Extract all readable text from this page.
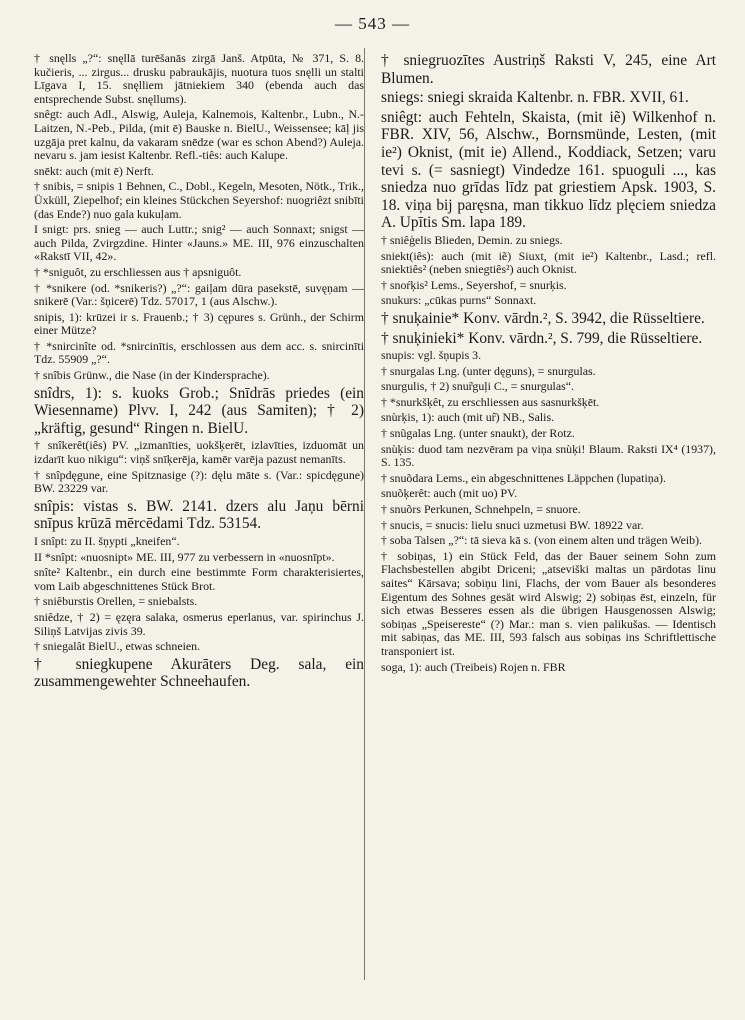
— 543 —

† snęlls „?“: snęllā turēšanās zirgā Janš. Atpūta, № 371, S. 8. kučieris, ... zirgus... drusku pabraukājis, nuotura tuos snęlli un stalti Līgava I, 15. snęlliem jātniekiem 340 (ebenda auch das entsprechende Subst. snęllums).

snêgt: auch Adl., Alswig, Auleja, Kalnemois, Kaltenbr., Lubn., N.-Laitzen, N.-Peb., Pilda, (mit ē) Bauske n. BielU., Weissensee; kāļ jis uzgāja pret kalnu, da vakaram snēdze (war es schon Abend?) Auleja. nevaru s. jam iesist Kaltenbr. Refl.-tiês: auch Kalupe.

snēkt: auch (mit ē) Nerft.

† snibis, = snipis 1 Behnen, C., Dobl., Kegeln, Mesoten, Nötk., Trik., Üxküll, Ziepelhof; ein kleines Stückchen Seyershof: nuogriêzt snibīti (das Ende?) nuo gala kukuļam.

I snigt: prs. snieg — auch Luttr.; snig² — auch Sonnaxt; snigst — auch Pilda, Zvirgzdine. Hinter «Jauns.» ME. III, 976 einzuschalten «Rakstī VII, 42».

† *sniguôt, zu erschliessen aus † apsniguôt.

† *snikere (od. *snikeris?) „?“: gaiļam dūra pasekstē, suvęņam — snikerē (Var.: šņicerē) Tdz. 57017, 1 (aus Alschw.).

snipis, 1): krūzei ir s. Frauenb.; † 3) cępures s. Grünh., der Schirm einer Mütze?

† *snircinîte od. *snircinītis, erschlossen aus dem acc. s. snircinīti Tdz. 55909 „?“.

† snîbis Grünw., die Nase (in der Kindersprache).

snîdrs, 1): s. kuoks Grob.; Snīdrās priedes (ein Wiesenname) Plvv. I, 242 (aus Samiten); † 2) „kräftig, gesund“ Ringen n. BielU.

† snîkerêt(iês) PV. „izmanīties, uokšķerēt, izlavīties, izduomāt un izdarīt kuo nikigu“: viņš snīķerēja, kamēr varēja pazust nemanīts.

† snîpdęgune, eine Spitznasige (?): dęlu māte s. (Var.: spicdęgune) BW. 23229 var.

snîpis: vistas s. BW. 2141. dzers alu Jaņu bērni snīpus krūzā mērcēdami Tdz. 53154.

I snîpt: zu II. šņypti „kneifen“.

II *snîpt: «nuosnipt» ME. III, 977 zu verbessern in «nuosnīpt».

snîte² Kaltenbr., ein durch eine bestimmte Form charakterisiertes, vom Laib abgeschnittenes Stück Brot.

† sniêburstis Orellen, = sniebalsts.

sniêdze, † 2) = ęzęra salaka, osmerus eperlanus, var. spirinchus J. Siliņš Latvijas zivis 39.

† sniegalât BielU., etwas schneien.

† sniegkupene Akurāters Deg. sala, ein zusammengewehter Schneehaufen.

† sniegruozītes Austriņš Raksti V, 245, eine Art Blumen.

sniegs: sniegi skraida Kaltenbr. n. FBR. XVII, 61.

sniêgt: auch Fehteln, Skaista, (mit iẽ) Wilkenhof n. FBR. XIV, 56, Alschw., Bornsmünde, Lesten, (mit ie²) Oknist, (mit ie) Allend., Koddiack, Setzen; varu tevi s. (= sasniegt) Vindedze 161. spuoguli ..., kas sniedza nuo grīdas līdz pat griestiem Apsk. 1903, S. 18. viņa bij paręsna, man tikkuo līdz plęciem sniedza A. Upītis Sm. lapa 189.

† sniêģelis Blieden, Demin. zu sniegs.

sniekt(iês): auch (mit iẽ) Siuxt, (mit ie²) Kaltenbr., Lasd.; refl. sniektiês² (neben sniegtiês²) auch Oknist.

† snoŕķis² Lems., Seyershof, = snurķis.

snukurs: „cūkas purns“ Sonnaxt.

† snuķainie* Konv. vārdn.², S. 3942, die Rüsseltiere.

† snuķinieki* Konv. vārdn.², S. 799, die Rüsseltiere.

snupis: vgl. šņupis 3.

† snurgalas Lng. (unter dęguns), = snurgulas.

snurgulis, † 2) snur̃guļi C., = snurgulas“.

† *snurkšķêt, zu erschliessen aus sasnurkšķēt.

snùrķis, 1): auch (mit ur̂) NB., Salis.

† snũgalas Lng. (unter snaukt), der Rotz.

snùķis: duod tam nezvēram pa viņa snùķi! Blaum. Raksti IX⁴ (1937), S. 135.

† snuõdara Lems., ein abgeschnittenes Läppchen (lupatiņa).

snuõķerêt: auch (mit uo) PV.

† snuõrs Perkunen, Schnehpeln, = snuore.

† snucis, = snucis: lielu snuci uzmetusi BW. 18922 var.

† soba Talsen „?“: tā sieva kā s. (von einem alten und trägen Weib).

† sobiņas, 1) ein Stück Feld, das der Bauer seinem Sohn zum Flachsbestellen abgibt Driceni; „atseviški maltas un pārdotas linu saites“ Kārsava; sobiņu lini, Flachs, der vom Bauer als besonderes Eigentum des Sohnes gesät wird Alswig; 2) sobiņas ēst, einzeln, für sich etwas Besseres essen als die übrigen Hausgenossen Alswig; sobiņas „Speisereste“ (?) Mar.: man s. vien palikušas. — Identisch mit sabiņas, das ME. III, 593 falsch aus sobiņas ins Schriftlettische transponiert ist.

soga, 1): auch (Treibeis) Rojen n. FBR
